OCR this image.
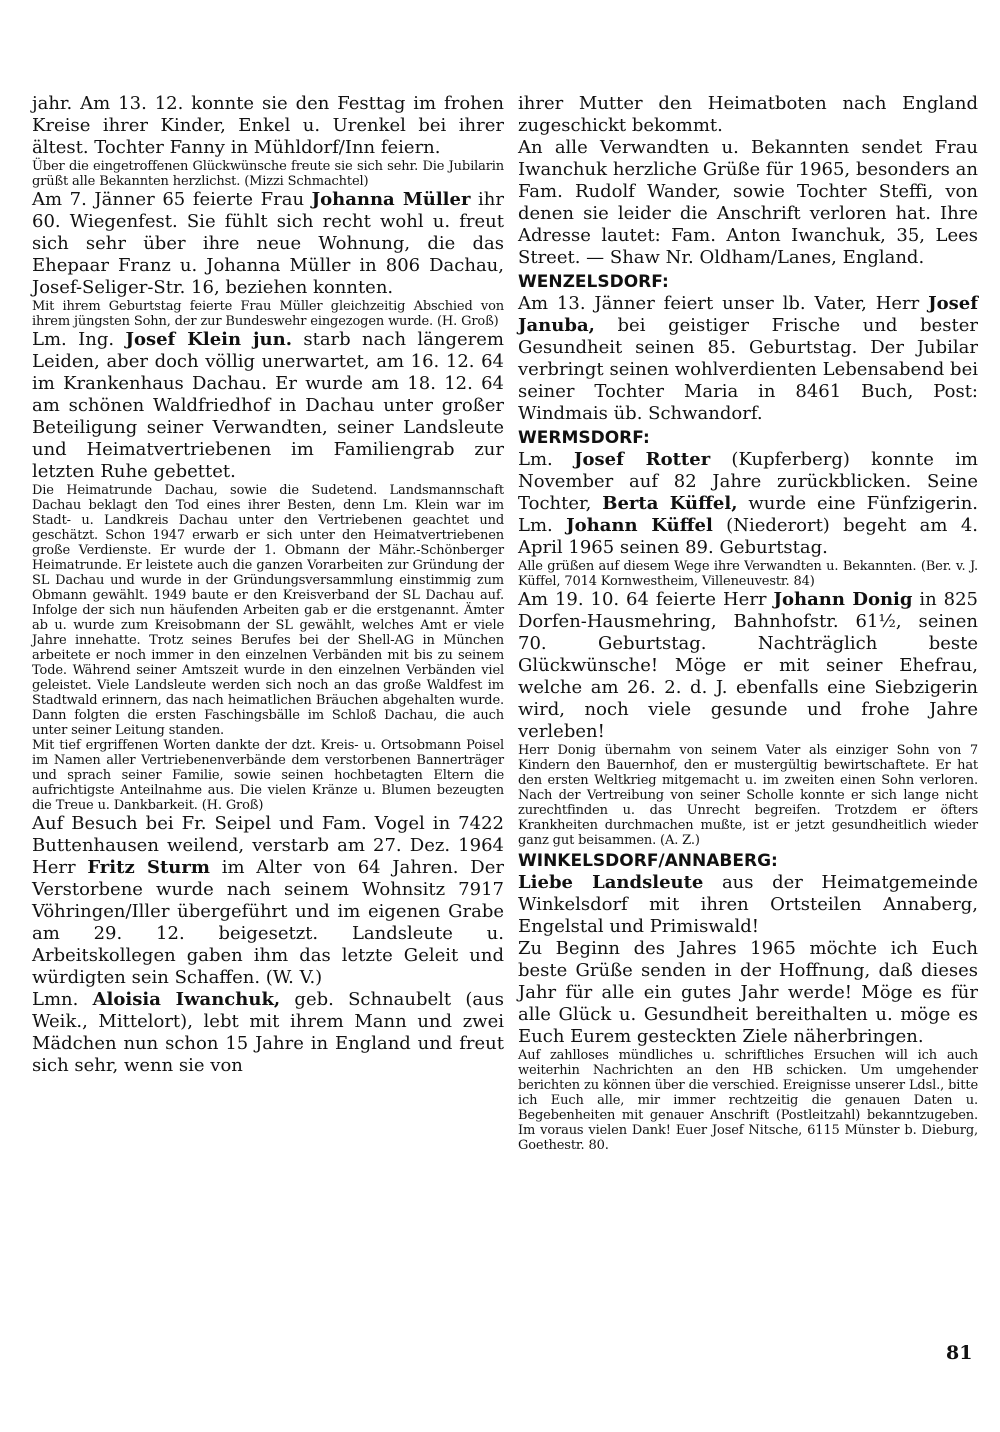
jahr. Am 13. 12. konnte sie den Festtag im frohen Kreise ihrer Kinder, Enkel u. Urenkel bei ihrer ältest. Tochter Fanny in Mühldorf/Inn feiern.

Über die eingetroffenen Glückwünsche freute sie sich sehr. Die Jubilarin grüßt alle Bekannten herzlichst. (Mizzi Schmachtel)

Am 7. Jänner 65 feierte Frau Johanna Müller ihr 60. Wiegenfest. Sie fühlt sich recht wohl u. freut sich sehr über ihre neue Wohnung, die das Ehepaar Franz u. Johanna Müller in 806 Dachau, Josef-Seliger-Str. 16, beziehen konnten.

Mit ihrem Geburtstag feierte Frau Müller gleichzeitig Abschied von ihrem jüngsten Sohn, der zur Bundeswehr eingezogen wurde. (H. Groß)

Lm. Ing. Josef Klein jun. starb nach längerem Leiden, aber doch völlig unerwartet, am 16. 12. 64 im Krankenhaus Dachau. Er wurde am 18. 12. 64 am schönen Waldfriedhof in Dachau unter großer Beteiligung seiner Verwandten, seiner Landsleute und Heimatvertriebenen im Familiengrab zur letzten Ruhe gebettet.

Die Heimatrunde Dachau, sowie die Sudetend. Landsmannschaft Dachau beklagt den Tod eines ihrer Besten, denn Lm. Klein war im Stadt- u. Landkreis Dachau unter den Vertriebenen geachtet und geschätzt. Schon 1947 erwarb er sich unter den Heimatvertriebenen große Verdienste. Er wurde der 1. Obmann der Mähr.-Schönberger Heimatrunde. Er leistete auch die ganzen Vorarbeiten zur Gründung der SL Dachau und wurde in der Gründungsversammlung einstimmig zum Obmann gewählt. 1949 baute er den Kreisverband der SL Dachau auf. Infolge der sich nun häufenden Arbeiten gab er die erstgenannt. Ämter ab u. wurde zum Kreisobmann der SL gewählt, welches Amt er viele Jahre innehatte. Trotz seines Berufes bei der Shell-AG in München arbeitete er noch immer in den einzelnen Verbänden mit bis zu seinem Tode. Während seiner Amtszeit wurde in den einzelnen Verbänden viel geleistet. Viele Landsleute werden sich noch an das große Waldfest im Stadtwald erinnern, das nach heimatlichen Bräuchen abgehalten wurde. Dann folgten die ersten Faschingsbälle im Schloß Dachau, die auch unter seiner Leitung standen.

Mit tief ergriffenen Worten dankte der dzt. Kreis- u. Ortsobmann Poisel im Namen aller Vertriebenenverbände dem verstorbenen Bannerträger und sprach seiner Familie, sowie seinen hochbetagten Eltern die aufrichtigste Anteilnahme aus. Die vielen Kränze u. Blumen bezeugten die Treue u. Dankbarkeit. (H. Groß)

Auf Besuch bei Fr. Seipel und Fam. Vogel in 7422 Buttenhausen weilend, verstarb am 27. Dez. 1964 Herr Fritz Sturm im Alter von 64 Jahren. Der Verstorbene wurde nach seinem Wohnsitz 7917 Vöhringen/Iller übergeführt und im eigenen Grabe am 29. 12. beigesetzt. Landsleute u. Arbeitskollegen gaben ihm das letzte Geleit und würdigten sein Schaffen. (W. V.)

Lmn. Aloisia Iwanchuk, geb. Schnaubelt (aus Weik., Mittelort), lebt mit ihrem Mann und zwei Mädchen nun schon 15 Jahre in England und freut sich sehr, wenn sie von

ihrer Mutter den Heimatboten nach England zugeschickt bekommt.

An alle Verwandten u. Bekannten sendet Frau Iwanchuk herzliche Grüße für 1965, besonders an Fam. Rudolf Wander, sowie Tochter Steffi, von denen sie leider die Anschrift verloren hat. Ihre Adresse lautet: Fam. Anton Iwanchuk, 35, Lees Street. — Shaw Nr. Oldham/Lanes, England.

WENZELSDORF:

Am 13. Jänner feiert unser lb. Vater, Herr Josef Januba, bei geistiger Frische und bester Gesundheit seinen 85. Geburtstag. Der Jubilar verbringt seinen wohlverdienten Lebensabend bei seiner Tochter Maria in 8461 Buch, Post: Windmais üb. Schwandorf.

WERMSDORF:

Lm. Josef Rotter (Kupferberg) konnte im November auf 82 Jahre zurückblicken. Seine Tochter, Berta Küffel, wurde eine Fünfzigerin. Lm. Johann Küffel (Niederort) begeht am 4. April 1965 seinen 89. Geburtstag.

Alle grüßen auf diesem Wege ihre Verwandten u. Bekannten. (Ber. v. J. Küffel, 7014 Kornwestheim, Villeneuvestr. 84)

Am 19. 10. 64 feierte Herr Johann Donig in 825 Dorfen-Hausmehring, Bahnhofstr. 61½, seinen 70. Geburtstag. Nachträglich beste Glückwünsche! Möge er mit seiner Ehefrau, welche am 26. 2. d. J. ebenfalls eine Siebzigerin wird, noch viele gesunde und frohe Jahre verleben!

Herr Donig übernahm von seinem Vater als einziger Sohn von 7 Kindern den Bauernhof, den er mustergültig bewirtschaftete. Er hat den ersten Weltkrieg mitgemacht u. im zweiten einen Sohn verloren. Nach der Vertreibung von seiner Scholle konnte er sich lange nicht zurechtfinden u. das Unrecht begreifen. Trotzdem er öfters Krankheiten durchmachen mußte, ist er jetzt gesundheitlich wieder ganz gut beisammen. (A. Z.)

WINKELSDORF/ANNABERG:

Liebe Landsleute aus der Heimatgemeinde Winkelsdorf mit ihren Ortsteilen Annaberg, Engelstal und Primiswald!

Zu Beginn des Jahres 1965 möchte ich Euch beste Grüße senden in der Hoffnung, daß dieses Jahr für alle ein gutes Jahr werde! Möge es für alle Glück u. Gesundheit bereithalten u. möge es Euch Eurem gesteckten Ziele näherbringen.

Auf zahlloses mündliches u. schriftliches Ersuchen will ich auch weiterhin Nachrichten an den HB schicken. Um umgehender berichten zu können über die verschied. Ereignisse unserer Ldsl., bitte ich Euch alle, mir immer rechtzeitig die genauen Daten u. Begebenheiten mit genauer Anschrift (Postleitzahl) bekanntzugeben. Im voraus vielen Dank! Euer Josef Nitsche, 6115 Münster b. Dieburg, Goethestr. 80.

81
